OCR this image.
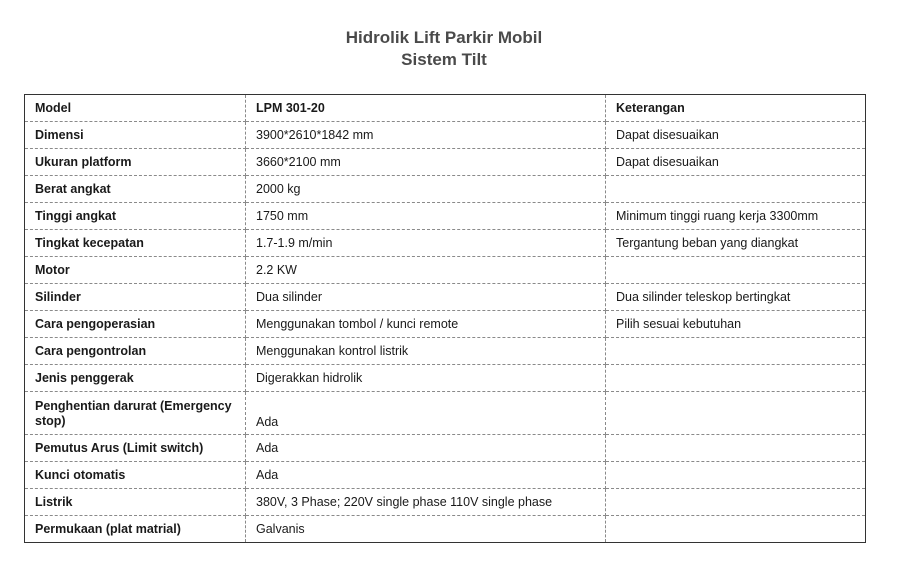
Hidrolik Lift Parkir Mobil
Sistem Tilt
Model	LPM 301-20	Keterangan
Dimensi	3900*2610*1842 mm	Dapat disesuaikan
Ukuran platform	3660*2100 mm	Dapat disesuaikan
Berat angkat	2000 kg	
Tinggi angkat	1750 mm	Minimum tinggi ruang kerja 3300mm
Tingkat kecepatan	1.7-1.9 m/min	Tergantung beban yang diangkat
Motor	2.2 KW	
Silinder	Dua silinder	Dua silinder teleskop bertingkat
Cara pengoperasian	Menggunakan tombol / kunci remote	Pilih sesuai kebutuhan
Cara pengontrolan	Menggunakan kontrol listrik	
Jenis penggerak	Digerakkan hidrolik	
Penghentian darurat (Emergency stop)	Ada	
Pemutus Arus (Limit switch)	Ada	
Kunci otomatis	Ada	
Listrik	380V, 3 Phase; 220V single phase 110V single phase	
Permukaan (plat matrial)	Galvanis	
